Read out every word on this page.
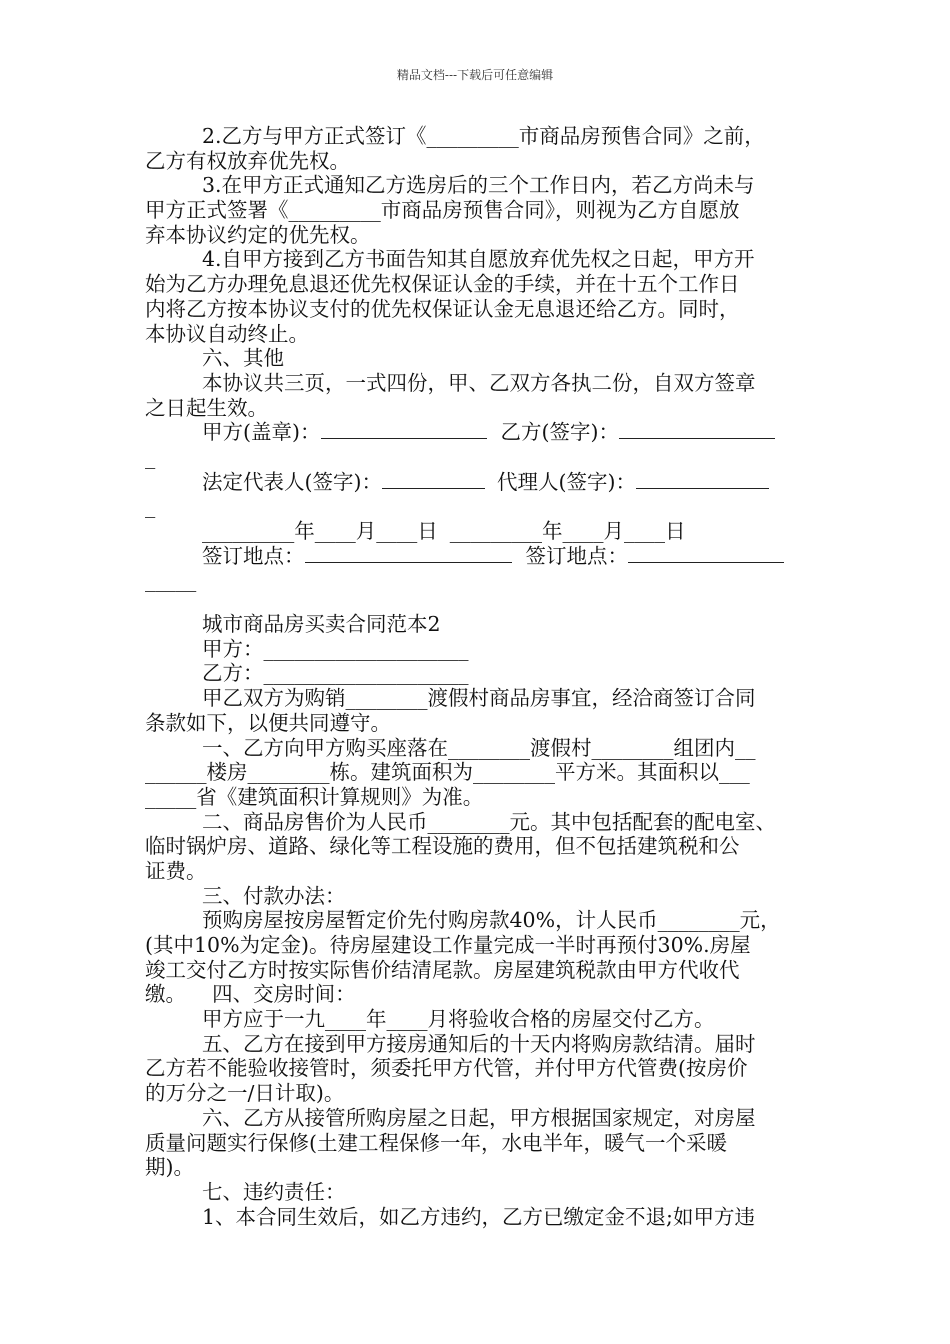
精品文档---下载后可任意编辑
2.乙方与甲方正式签订《_________市商品房预售合同》之前，
乙方有权放弃优先权。
3.在甲方正式通知乙方选房后的三个工作日内，若乙方尚未与
甲方正式签署《_________市商品房预售合同》，则视为乙方自愿放
弃本协议约定的优先权。
4.自甲方接到乙方书面告知其自愿放弃优先权之日起，甲方开
始为乙方办理免息退还优先权保证认金的手续，并在十五个工作日
内将乙方按本协议支付的优先权保证认金无息退还给乙方。同时，
本协议自动终止。
六、其他
本协议共三页，一式四份，甲、乙双方各执二份，自双方签章
之日起生效。
甲方(盖章)：	乙方(签字)：
_
法定代表人(签字)：	代理人(签字)：
_
_________年____月____日 _________年____月____日
签订地点：	签订地点：
_____
城市商品房买卖合同范本2
甲方：____________________
乙方：____________________
甲乙双方为购销________渡假村商品房事宜，经洽商签订合同
条款如下，以便共同遵守。
一、乙方向甲方购买座落在________渡假村________组团内__
______楼房________栋。建筑面积为________平方米。其面积以___
_____省《建筑面积计算规则》为准。
二、商品房售价为人民币________元。其中包括配套的配电室、
临时锅炉房、道路、绿化等工程设施的费用，但不包括建筑税和公
证费。
三、付款办法：
预购房屋按房屋暂定价先付购房款40%，计人民币________元，
(其中10%为定金)。待房屋建设工作量完成一半时再预付30%.房屋
竣工交付乙方时按实际售价结清尾款。房屋建筑税款由甲方代收代
缴。    四、交房时间：
甲方应于一九____年____月将验收合格的房屋交付乙方。
五、乙方在接到甲方接房通知后的十天内将购房款结清。届时
乙方若不能验收接管时，须委托甲方代管，并付甲方代管费(按房价
的万分之一/日计取)。
六、乙方从接管所购房屋之日起，甲方根据国家规定，对房屋
质量问题实行保修(土建工程保修一年，水电半年，暖气一个采暖
期)。
七、违约责任：
1、本合同生效后，如乙方违约，乙方已缴定金不退;如甲方违
